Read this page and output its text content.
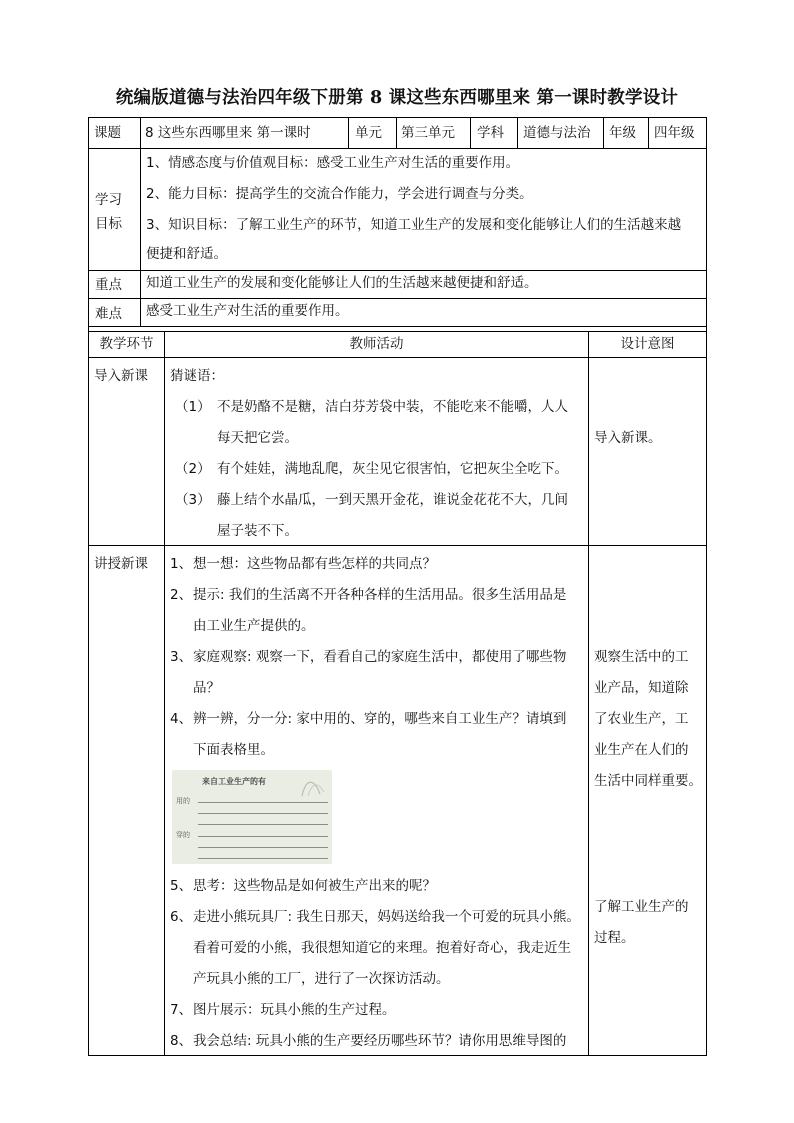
统编版道德与法治四年级下册第 8 课这些东西哪里来 第一课时教学设计
课题 8 这些东西哪里来 第一课时	单元 第三单元 学科 道德与法治 年级 四年级
学习
目标
1、情感态度与价值观目标：感受工业生产对生活的重要作用。
2、能力目标：提高学生的交流合作能力，学会进行调查与分类。
3、知识目标：了解工业生产的环节，知道工业生产的发展和变化能够让人们的生活越来越
便捷和舒适。
重点 知道工业生产的发展和变化能够让人们的生活越来越便捷和舒适。
难点 感受工业生产对生活的重要作用。
教学环节	教师活动	设计意图
导入新课 猜谜语：
（1） 不是奶酪不是糖，洁白芬芳袋中装，不能吃来不能嚼，人人
每天把它尝。
（2） 有个娃娃，满地乱爬，灰尘见它很害怕，它把灰尘全吃下。
（3） 藤上结个水晶瓜，一到天黑开金花，谁说金花花不大，几间
屋子装不下。
导入新课。
讲授新课 1、 想一想：这些物品都有些怎样的共同点？
2、 提示: 我们的生活离不开各种各样的生活用品。很多生活用品是
由工业生产提供的。
3、 家庭观察: 观察一下，看看自己的家庭生活中，都使用了哪些物
品？
4、 辨一辨，分一分: 家中用的、穿的，哪些来自工业生产？请填到
下面表格里。
来自工业生产的有
用的
穿的
5、 思考：这些物品是如何被生产出来的呢？
6、 走进小熊玩具厂: 我生日那天，妈妈送给我一个可爱的玩具小熊。
看着可爱的小熊，我很想知道它的来理。抱着好奇心，我走近生
产玩具小熊的工厂，进行了一次探访活动。
7、 图片展示：玩具小熊的生产过程。
8、 我会总结: 玩具小熊的生产要经历哪些环节？请你用思维导图的
观察生活中的工
业产品，知道除
了农业生产，工
业生产在人们的
生活中同样重要。
了解工业生产的
过程。
